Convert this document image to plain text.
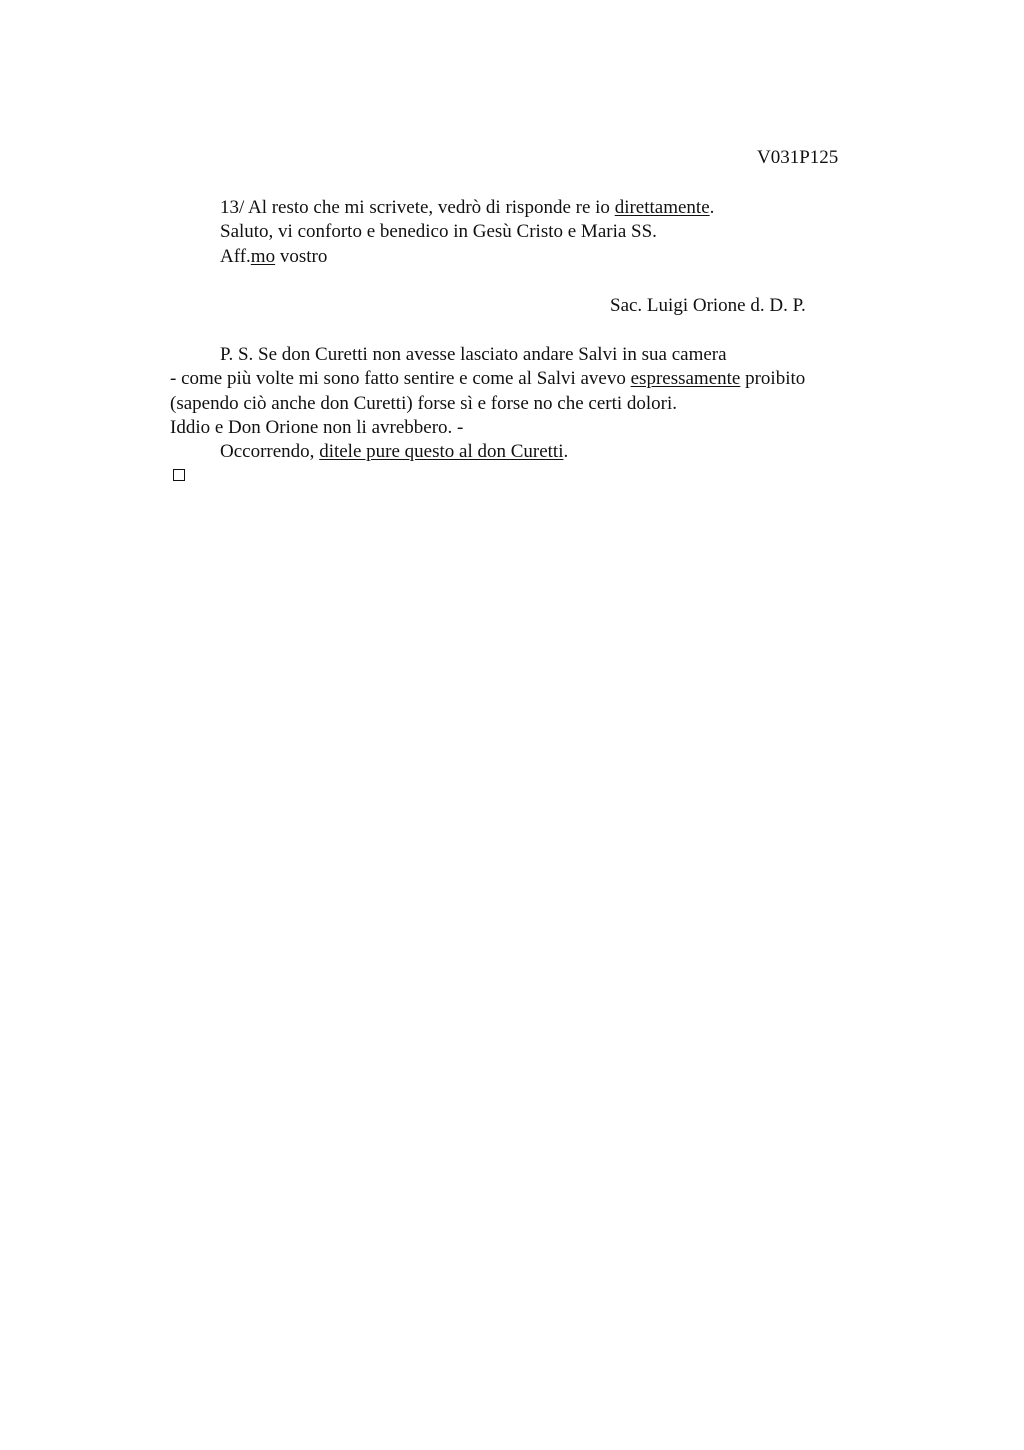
V031P125
13/ Al resto che mi scrivete, vedrò di risponde re io direttamente.
Saluto, vi conforto e benedico in Gesù Cristo e Maria SS.
Aff.mo vostro
Sac. Luigi Orione d. D. P.
P. S. Se don Curetti non avesse lasciato andare Salvi in sua camera
- come più volte mi sono fatto sentire e come al Salvi avevo espressamente proibito
(sapendo ciò anche don Curetti) forse sì e forse no che certi dolori.
Iddio e Don Orione non li avrebbero. -
Occorrendo, ditele pure questo al don Curetti.
